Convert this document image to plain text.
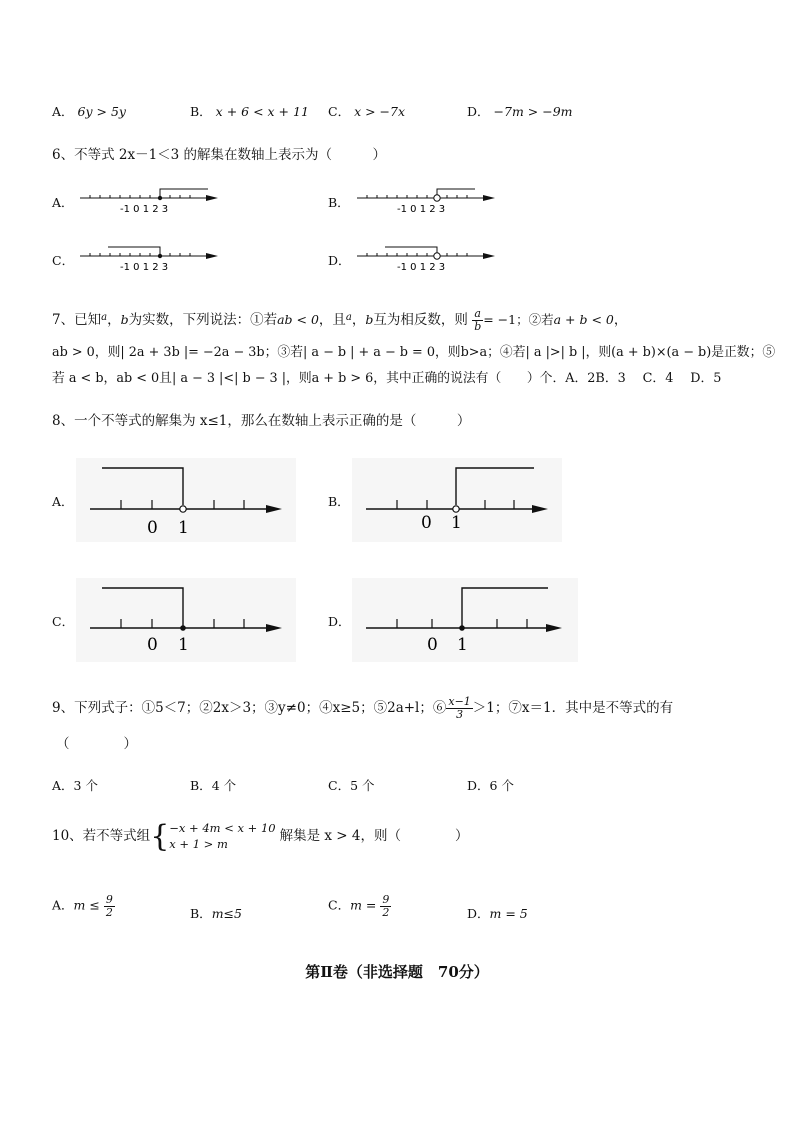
A． 6y > 5y	B． x + 6 < x + 11 C． x > −7x	D． −7m > −9m
6、不等式 2x－1＜3 的解集在数轴上表示为（　　　）
A．	-1 0 1 2 3	B．	-1 0 1 2 3
C．	-1 0 1 2 3	D．	-1 0 1 2 3
7、已知$^a$，b为实数，下列说法：①若ab < 0，且$^a$，b互为相反数，则 $\frac{a}{b} = -1$；②若a + b < 0，
ab > 0，则| 2a + 3b |= −2a − 3b；③若| a − b | + a − b = 0，则b>a；④若| a |>| b |，则(a + b)×(a − b)是正数；⑤
若 a < b，ab < 0且| a − 3 |<| b − 3 |，则a + b > 6，其中正确的说法有（　　）个．A．2B．3　 C．4　 D．5
8、一个不等式的解集为 x≤1，那么在数轴上表示正确的是（　　　）
A．
0 1
B．
0 1
C．
0 1
D．
0 1
9、下列式子：①5＜7；②2x＞3；③y≠0；④x≥5；⑤2a+l；⑥ $\frac{x-1}{3} >1$；⑦x＝1．其中是不等式的有
（　　　　）
A．3 个	B．4 个	C．5 个	D．6 个
10、若不等式组{ −x + 4m < x + 10
x + 1 > m	解集是 x > 4，则（　　　　）
A．$m \le \frac{9}{2}$	B．m≤5
C．$m = \frac{9}{2}$	D．m = 5
第Ⅱ卷（非选择题　70分）
